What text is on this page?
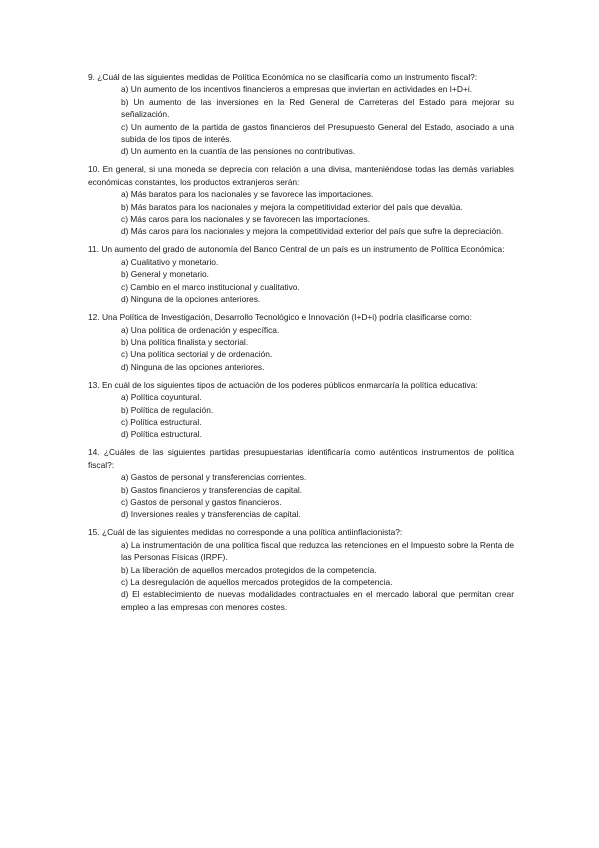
9. ¿Cuál de las siguientes medidas de Política Económica no se clasificaría como un instrumento fiscal?:
a) Un aumento de los incentivos financieros a empresas que inviertan en actividades en I+D+i.
b) Un aumento de las inversiones en la Red General de Carreteras del Estado para mejorar su señalización.
c) Un aumento de la partida de gastos financieros del Presupuesto General del Estado, asociado a una subida de los tipos de interés.
d) Un aumento en la cuantía de las pensiones no contributivas.
10. En general, si una moneda se deprecia con relación a una divisa, manteniéndose todas las demás variables económicas constantes, los productos extranjeros serán:
a) Más baratos para los nacionales y se favorece las importaciones.
b) Más baratos para los nacionales y mejora la competitividad exterior del país que devalúa.
c) Más caros para los nacionales y se favorecen las importaciones.
d) Más caros para los nacionales y mejora la competitividad exterior del país que sufre la depreciación.
11. Un aumento del grado de autonomía del Banco Central de un país es un instrumento de Política Económica:
a) Cualitativo y monetario.
b) General y monetario.
c) Cambio en el marco institucional y cualitativo.
d) Ninguna de la opciones anteriores.
12. Una Política de Investigación, Desarrollo Tecnológico e Innovación (I+D+i) podría clasificarse como:
a) Una política de ordenación y específica.
b) Una política finalista y sectorial.
c) Una política sectorial y de ordenación.
d) Ninguna de las opciones anteriores.
13. En cuál de los siguientes tipos de actuación de los poderes públicos enmarcaría la política educativa:
a) Política coyuntural.
b) Política de regulación.
c) Política estructural.
d) Política estructural.
14. ¿Cuáles de las siguientes partidas presupuestarias identificaría como auténticos instrumentos de política fiscal?:
a) Gastos de personal y transferencias corrientes.
b) Gastos financieros y transferencias de capital.
c) Gastos de personal y gastos financieros.
d) Inversiones reales y transferencias de capital.
15. ¿Cuál de las siguientes medidas no corresponde a una política antiinflacionista?:
a) La instrumentación de una política fiscal que reduzca las retenciones en el Impuesto sobre la Renta de las Personas Físicas (IRPF).
b) La liberación de aquellos mercados protegidos de la competencia.
c) La desregulación de aquellos mercados protegidos de la competencia.
d) El establecimiento de nuevas modalidades contractuales en el mercado laboral que permitan crear empleo a las empresas con menores costes.
